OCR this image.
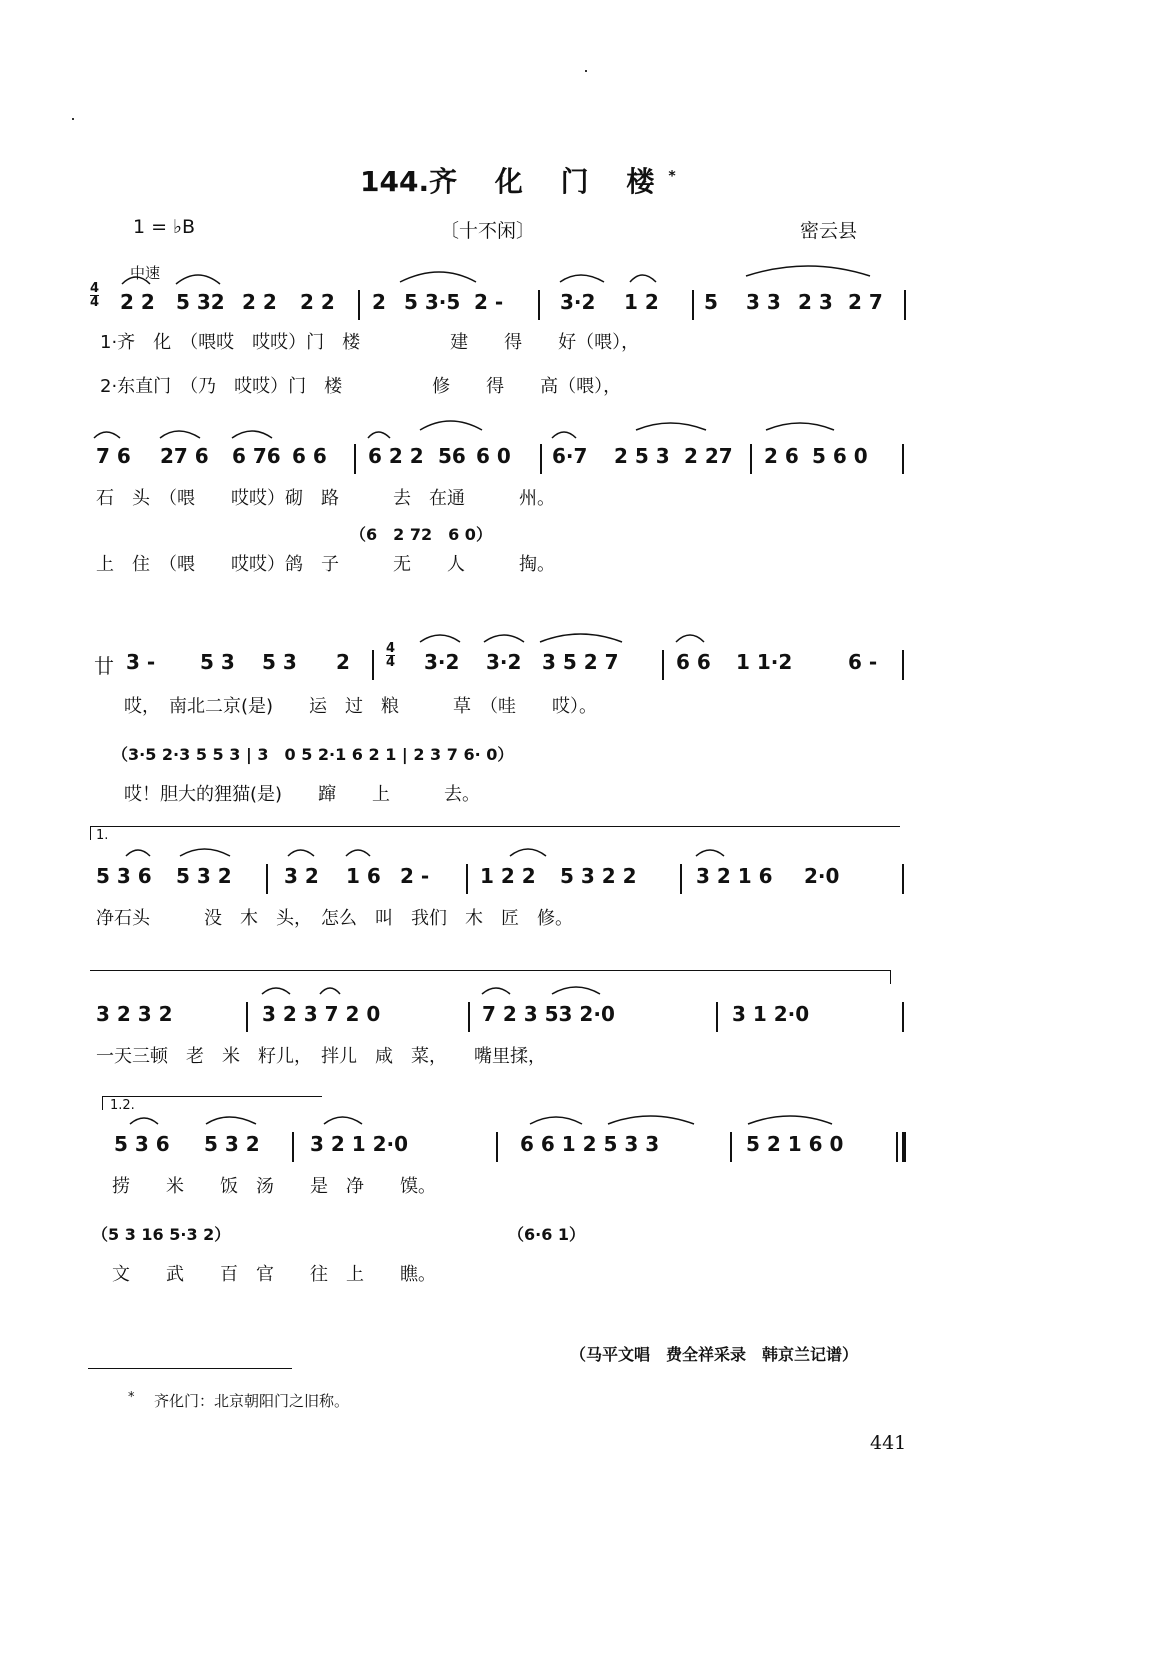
144.齐 化 门 楼*
1 = ♭B	〔十不闲〕	密云县
中速
4
4 2 2 5 32 2 2 2 2 2 5 3·5 2 -	3·2 1 2 5 3 3 2 3 2 7
1·齐　化　（喂哎　哎哎）门　楼　　　　　建　　得　　好（喂），
2·东直门　（乃　哎哎）门　楼　　　　　修　　得　　高（喂），
7 6 27 6 6 76 6 6 6 2 2 56 6 0 6·7 2 5 3 2 27 2 6 5 6 0
石　头　（喂　　哎哎）砌　路　　　去　在通　　　州。
（6　2 72　6 0）
上　住　（喂　　哎哎）鸽　子　　　无　　人　　　掏。
廿 3 - 5 3 5 3 2
4
4 3·2 3·2 3 5 2 7	6 6 1 1·2	6 -
哎，　南北二京(是)　　运　过　粮　　　草　（哇　　哎）。
（3·5 2·3 5 5 3 | 3　0 5 2·1 6 2 1 | 2 3 7 6· 0）
哎！胆大的狸猫(是)　　蹿　　上　　　去。
1.
5 3 6 5 3 2	3 2 1 6 2 -	1 2 2 5 3 2 2	3 2 1 6 2·0
净石头　　　没　木　头，　怎么　叫　我们　木　匠　修。
3 2 3 2	3 2 3 7 2 0	7 2 3 53 2·0	3 1 2·0
一天三顿　老　米　籽儿，　拌儿　咸　菜，　　嘴里揉，
1.2.
5 3 6 5 3 2	3 2 1 2·0	6 6 1 2 5 3 3	5 2 1 6 0
捞　　米　　饭　汤　　是　净　　馍。
（5 3 16 5·3 2）	（6·6 1）
文　　武　　百　官　　往　上　　瞧。
（马平文唱　费全祥采录　韩京兰记谱）
* 齐化门：北京朝阳门之旧称。
441
